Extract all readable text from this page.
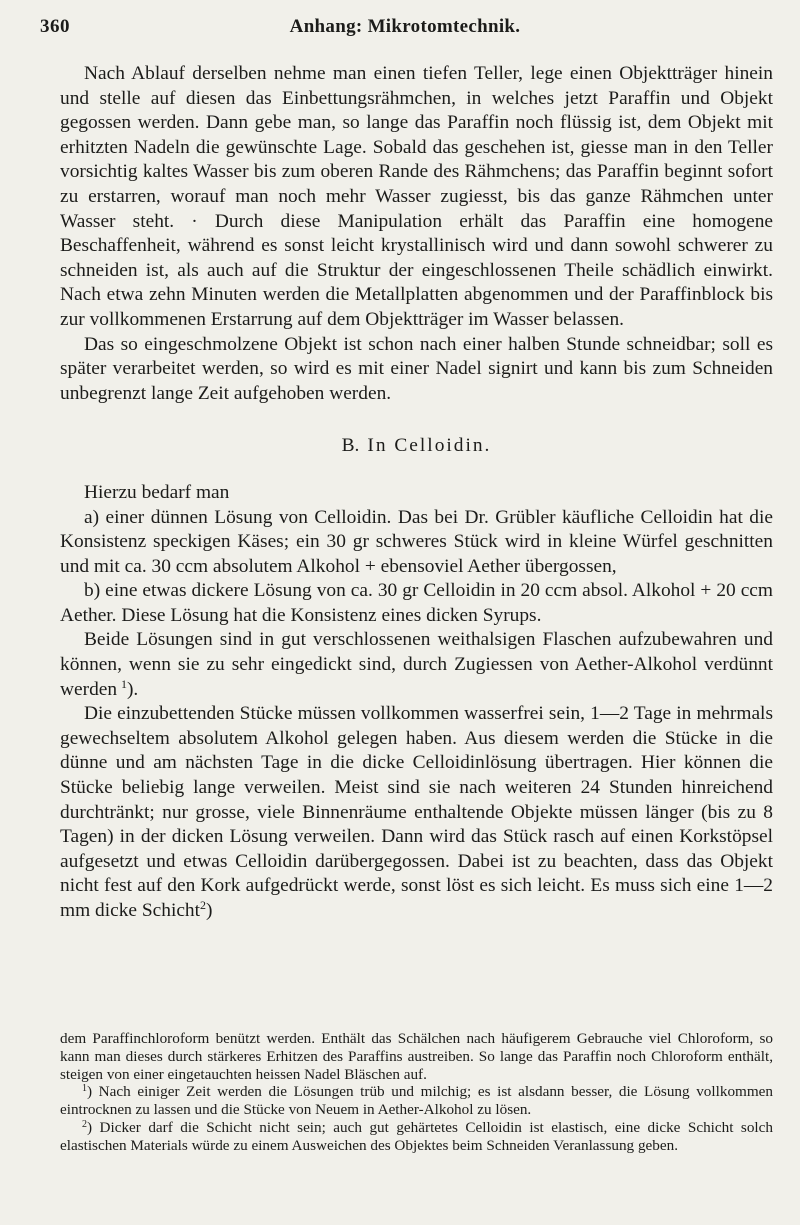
360	Anhang: Mikrotomtechnik.

Nach Ablauf derselben nehme man einen tiefen Teller, lege einen Objektträger hinein und stelle auf diesen das Einbettungsrähmchen, in welches jetzt Paraffin und Objekt gegossen werden. Dann gebe man, so lange das Paraffin noch flüssig ist, dem Objekt mit erhitzten Nadeln die gewünschte Lage. Sobald das geschehen ist, giesse man in den Teller vorsichtig kaltes Wasser bis zum oberen Rande des Rähmchens; das Paraffin beginnt sofort zu erstarren, worauf man noch mehr Wasser zugiesst, bis das ganze Rähmchen unter Wasser steht. · Durch diese Manipulation erhält das Paraffin eine homogene Beschaffenheit, während es sonst leicht krystallinisch wird und dann sowohl schwerer zu schneiden ist, als auch auf die Struktur der eingeschlossenen Theile schädlich einwirkt. Nach etwa zehn Minuten werden die Metallplatten abgenommen und der Paraffinblock bis zur vollkommenen Erstarrung auf dem Objektträger im Wasser belassen.

Das so eingeschmolzene Objekt ist schon nach einer halben Stunde schneidbar; soll es später verarbeitet werden, so wird es mit einer Nadel signirt und kann bis zum Schneiden unbegrenzt lange Zeit aufgehoben werden.

B. In Celloidin.

Hierzu bedarf man

a) einer dünnen Lösung von Celloidin. Das bei Dr. Grübler käufliche Celloidin hat die Konsistenz speckigen Käses; ein 30 gr schweres Stück wird in kleine Würfel geschnitten und mit ca. 30 ccm absolutem Alkohol + ebensoviel Aether übergossen,

b) eine etwas dickere Lösung von ca. 30 gr Celloidin in 20 ccm absol. Alkohol + 20 ccm Aether. Diese Lösung hat die Konsistenz eines dicken Syrups.

Beide Lösungen sind in gut verschlossenen weithalsigen Flaschen aufzubewahren und können, wenn sie zu sehr eingedickt sind, durch Zugiessen von Aether-Alkohol verdünnt werden  $^1$).

Die einzubettenden Stücke müssen vollkommen wasserfrei sein, 1—2 Tage in mehrmals gewechseltem absolutem Alkohol gelegen haben. Aus diesem werden die Stücke in die dünne und am nächsten Tage in die dicke Celloidinlösung übertragen. Hier können die Stücke beliebig lange verweilen. Meist sind sie nach weiteren 24 Stunden hinreichend durchtränkt; nur grosse, viele Binnenräume enthaltende Objekte müssen länger (bis zu 8 Tagen) in der dicken Lösung verweilen. Dann wird das Stück rasch auf einen Korkstöpsel aufgesetzt und etwas Celloidin darübergegossen. Dabei ist zu beachten, dass das Objekt nicht fest auf den Kork aufgedrückt werde, sonst löst es sich leicht. Es muss sich eine 1—2 mm dicke Schicht$^2$)

dem Paraffinchloroform benützt werden. Enthält das Schälchen nach häufigerem Gebrauche viel Chloroform, so kann man dieses durch stärkeres Erhitzen des Paraffins austreiben. So lange das Paraffin noch Chloroform enthält, steigen von einer eingetauchten heissen Nadel Bläschen auf.

$^1$) Nach einiger Zeit werden die Lösungen trüb und milchig; es ist alsdann besser, die Lösung vollkommen eintrocknen zu lassen und die Stücke von Neuem in Aether-Alkohol zu lösen.

$^2$) Dicker darf die Schicht nicht sein; auch gut gehärtetes Celloidin ist elastisch, eine dicke Schicht solch elastischen Materials würde zu einem Ausweichen des Objektes beim Schneiden Veranlassung geben.
